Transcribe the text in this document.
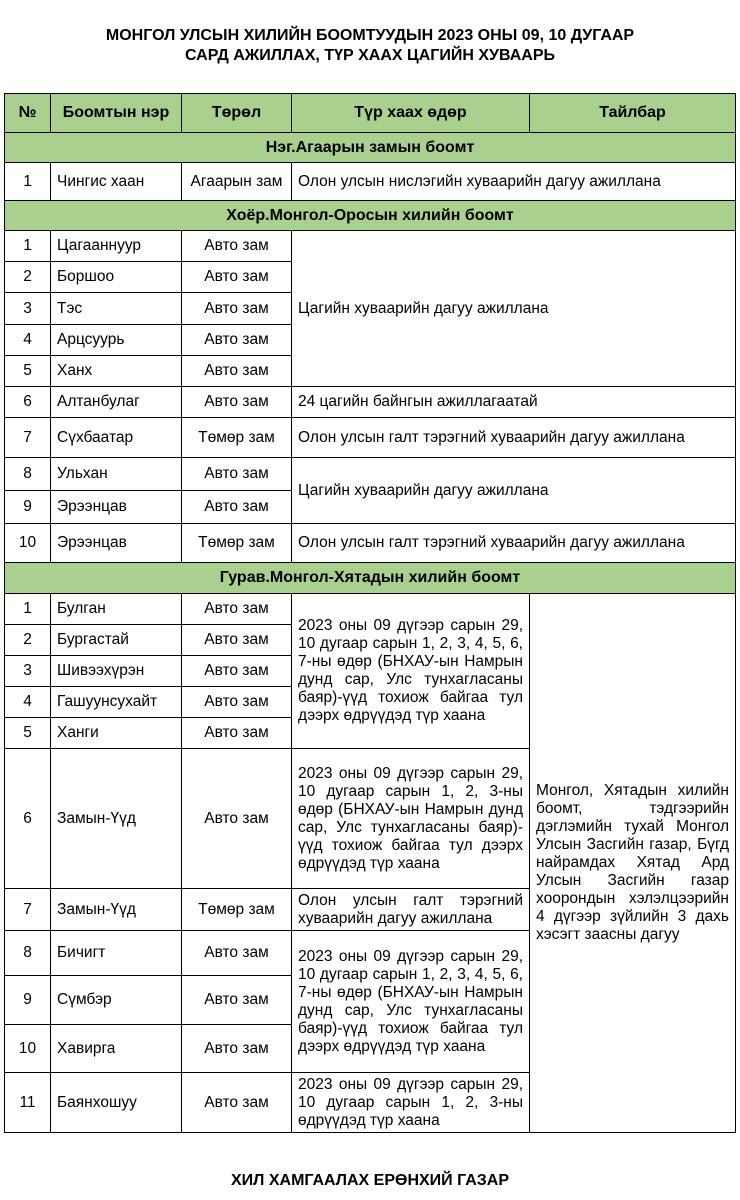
МОНГОЛ УЛСЫН ХИЛИЙН БООМТУУДЫН 2023 ОНЫ 09, 10 ДУГААР
САРД АЖИЛЛАХ, ТҮР ХААХ ЦАГИЙН ХУВААРЬ
№	Боомтын нэр	Төрөл	Түр хаах өдөр	Тайлбар
Нэг.Агаарын замын боомт				
1	Чингис хаан	Агаарын зам	Олон улсын нислэгийн хуваарийн дагуу ажиллана	
Хоёр.Монгол-Оросын хилийн боомт				
1	Цагааннуур	Авто зам	Цагийн хуваарийн дагуу ажиллана	
2	Боршоо	Авто зам		
3	Тэс	Авто зам		
4	Арцсуурь	Авто зам		
5	Ханх	Авто зам		
6	Алтанбулаг	Авто зам	24 цагийн байнгын ажиллагаатай	
7	Сүхбаатар	Төмөр зам	Олон улсын галт тэрэгний хуваарийн дагуу ажиллана	
8	Ульхан	Авто зам	Цагийн хуваарийн дагуу ажиллана	
9	Эрээнцав	Авто зам		
10	Эрээнцав	Төмөр зам	Олон улсын галт тэрэгний хуваарийн дагуу ажиллана	
Гурав.Монгол-Хятадын хилийн боомт				
1	Булган	Авто зам	2023 оны 09 дүгээр сарын 29, 10 дугаар сарын 1, 2, 3, 4, 5, 6, 7-ны өдөр (БНХАУ-ын Намрын дунд сар, Улс тунхагласаны баяр)-үүд тохиож байгаа тул дээрх өдрүүдэд түр хаана	Монгол, Хятадын хилийн боомт, тэдгээрийн дэглэмийн тухай Монгол Улсын Засгийн газар, Бүгд найрамдах Хятад Ард Улсын Засгийн газар хоорондын хэлэлцээрийн 4 дүгээр зүйлийн 3 дахь хэсэгт заасны дагуу
2	Бургастай	Авто зам		
3	Шивээхүрэн	Авто зам		
4	Гашуунсухайт	Авто зам		
5	Ханги	Авто зам		
6	Замын-Үүд	Авто зам	2023 оны 09 дүгээр сарын 29, 10 дугаар сарын 1, 2, 3-ны өдөр (БНХАУ-ын Намрын дунд сар, Улс тунхагласаны баяр)-үүд тохиож байгаа тул дээрх өдрүүдэд түр хаана	
7	Замын-Үүд	Төмөр зам	Олон улсын галт тэрэгний хуваарийн дагуу ажиллана	
8	Бичигт	Авто зам	2023 оны 09 дүгээр сарын 29, 10 дугаар сарын 1, 2, 3, 4, 5, 6, 7-ны өдөр (БНХАУ-ын Намрын дунд сар, Улс тунхагласаны баяр)-үүд тохиож байгаа тул дээрх өдрүүдэд түр хаана	
9	Сүмбэр	Авто зам		
10	Хавирга	Авто зам		
11	Баянхошуу	Авто зам	2023 оны 09 дүгээр сарын 29, 10 дугаар сарын 1, 2, 3-ны өдрүүдэд түр хаана	
ХИЛ ХАМГААЛАХ ЕРӨНХИЙ ГАЗАР
